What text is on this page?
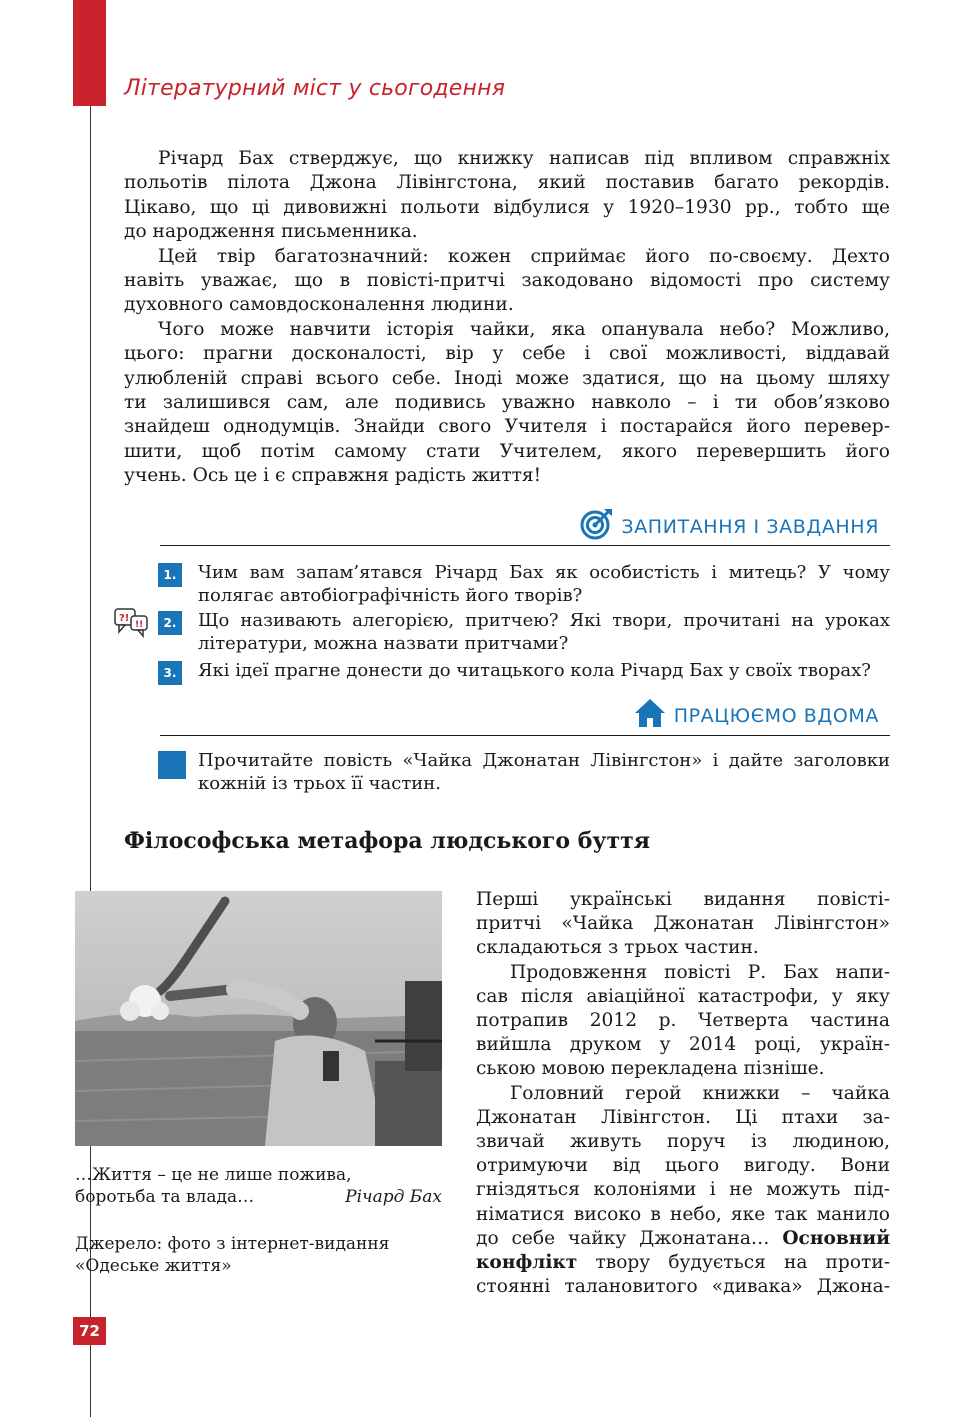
Літературний міст у сьогодення

Річард Бах стверджує, що книжку написав під впливом справжніх
польотів пілота Джона Лівінгстона, який поставив багато рекордів.
Цікаво, що ці дивовижні польоти відбулися у 1920–1930 рр., тобто ще
до народження письменника.

Цей твір багатозначний: кожен сприймає його по-своєму. Дехто
навіть уважає, що в повісті-притчі закодовано відомості про систему
духовного самовдосконалення людини.

Чого може навчити історія чайки, яка опанувала небо? Можливо,
цього: прагни досконалості, вір у себе і свої можливості, віддавай
улюбленій справі всього себе. Іноді може здатися, що на цьому шляху
ти залишився сам, але подивись уважно навколо – і ти обов’язково
знайдеш однодумців. Знайди свого Учителя і постарайся його перевер-
шити, щоб потім самому стати Учителем, якого перевершить його
учень. Ось це і є справжня радість життя!

ЗАПИТАННЯ І ЗАВДАННЯ
?!
!!
1.	Чим вам запам’ятався Річард Бах як особистість і митець? У чому
полягає автобіографічність його творів?
2.	Що називають алегорією, притчею? Які твори, прочитані на уроках
літератури, можна назвати притчами?
3.	Які ідеї прагне донести до читацького кола Річард Бах у своїх творах?
ПРАЦЮЄМО ВДОМА
Прочитайте повість «Чайка Джонатан Лівінгстон» і дайте заголовки
кожній із трьох її частин.
Філософська метафора людського буття
…Життя – це не лише пожива,
боротьба та влада…	Річард Бах
Джерело: фото з інтернет-видання
«Одеське життя»
Перші українські видання повісті-
притчі «Чайка Джонатан Лівінгстон»
складаються з трьох частин.
Продовження повісті Р. Бах напи-
сав після авіаційної катастрофи, у яку
потрапив 2012 р. Четверта частина
вийшла друком у 2014 році, україн-
ською мовою перекладена пізніше.
Головний герой книжки – чайка
Джонатан Лівінгстон. Ці птахи за-
звичай живуть поруч із людиною,
отримуючи від цього вигоду. Вони
гніздяться колоніями і не можуть під-
німатися високо в небо, яке так манило
до себе чайку Джонатана… Основний
конфлікт твору будується на проти-
стоянні талановитого «дивака» Джона-
72
